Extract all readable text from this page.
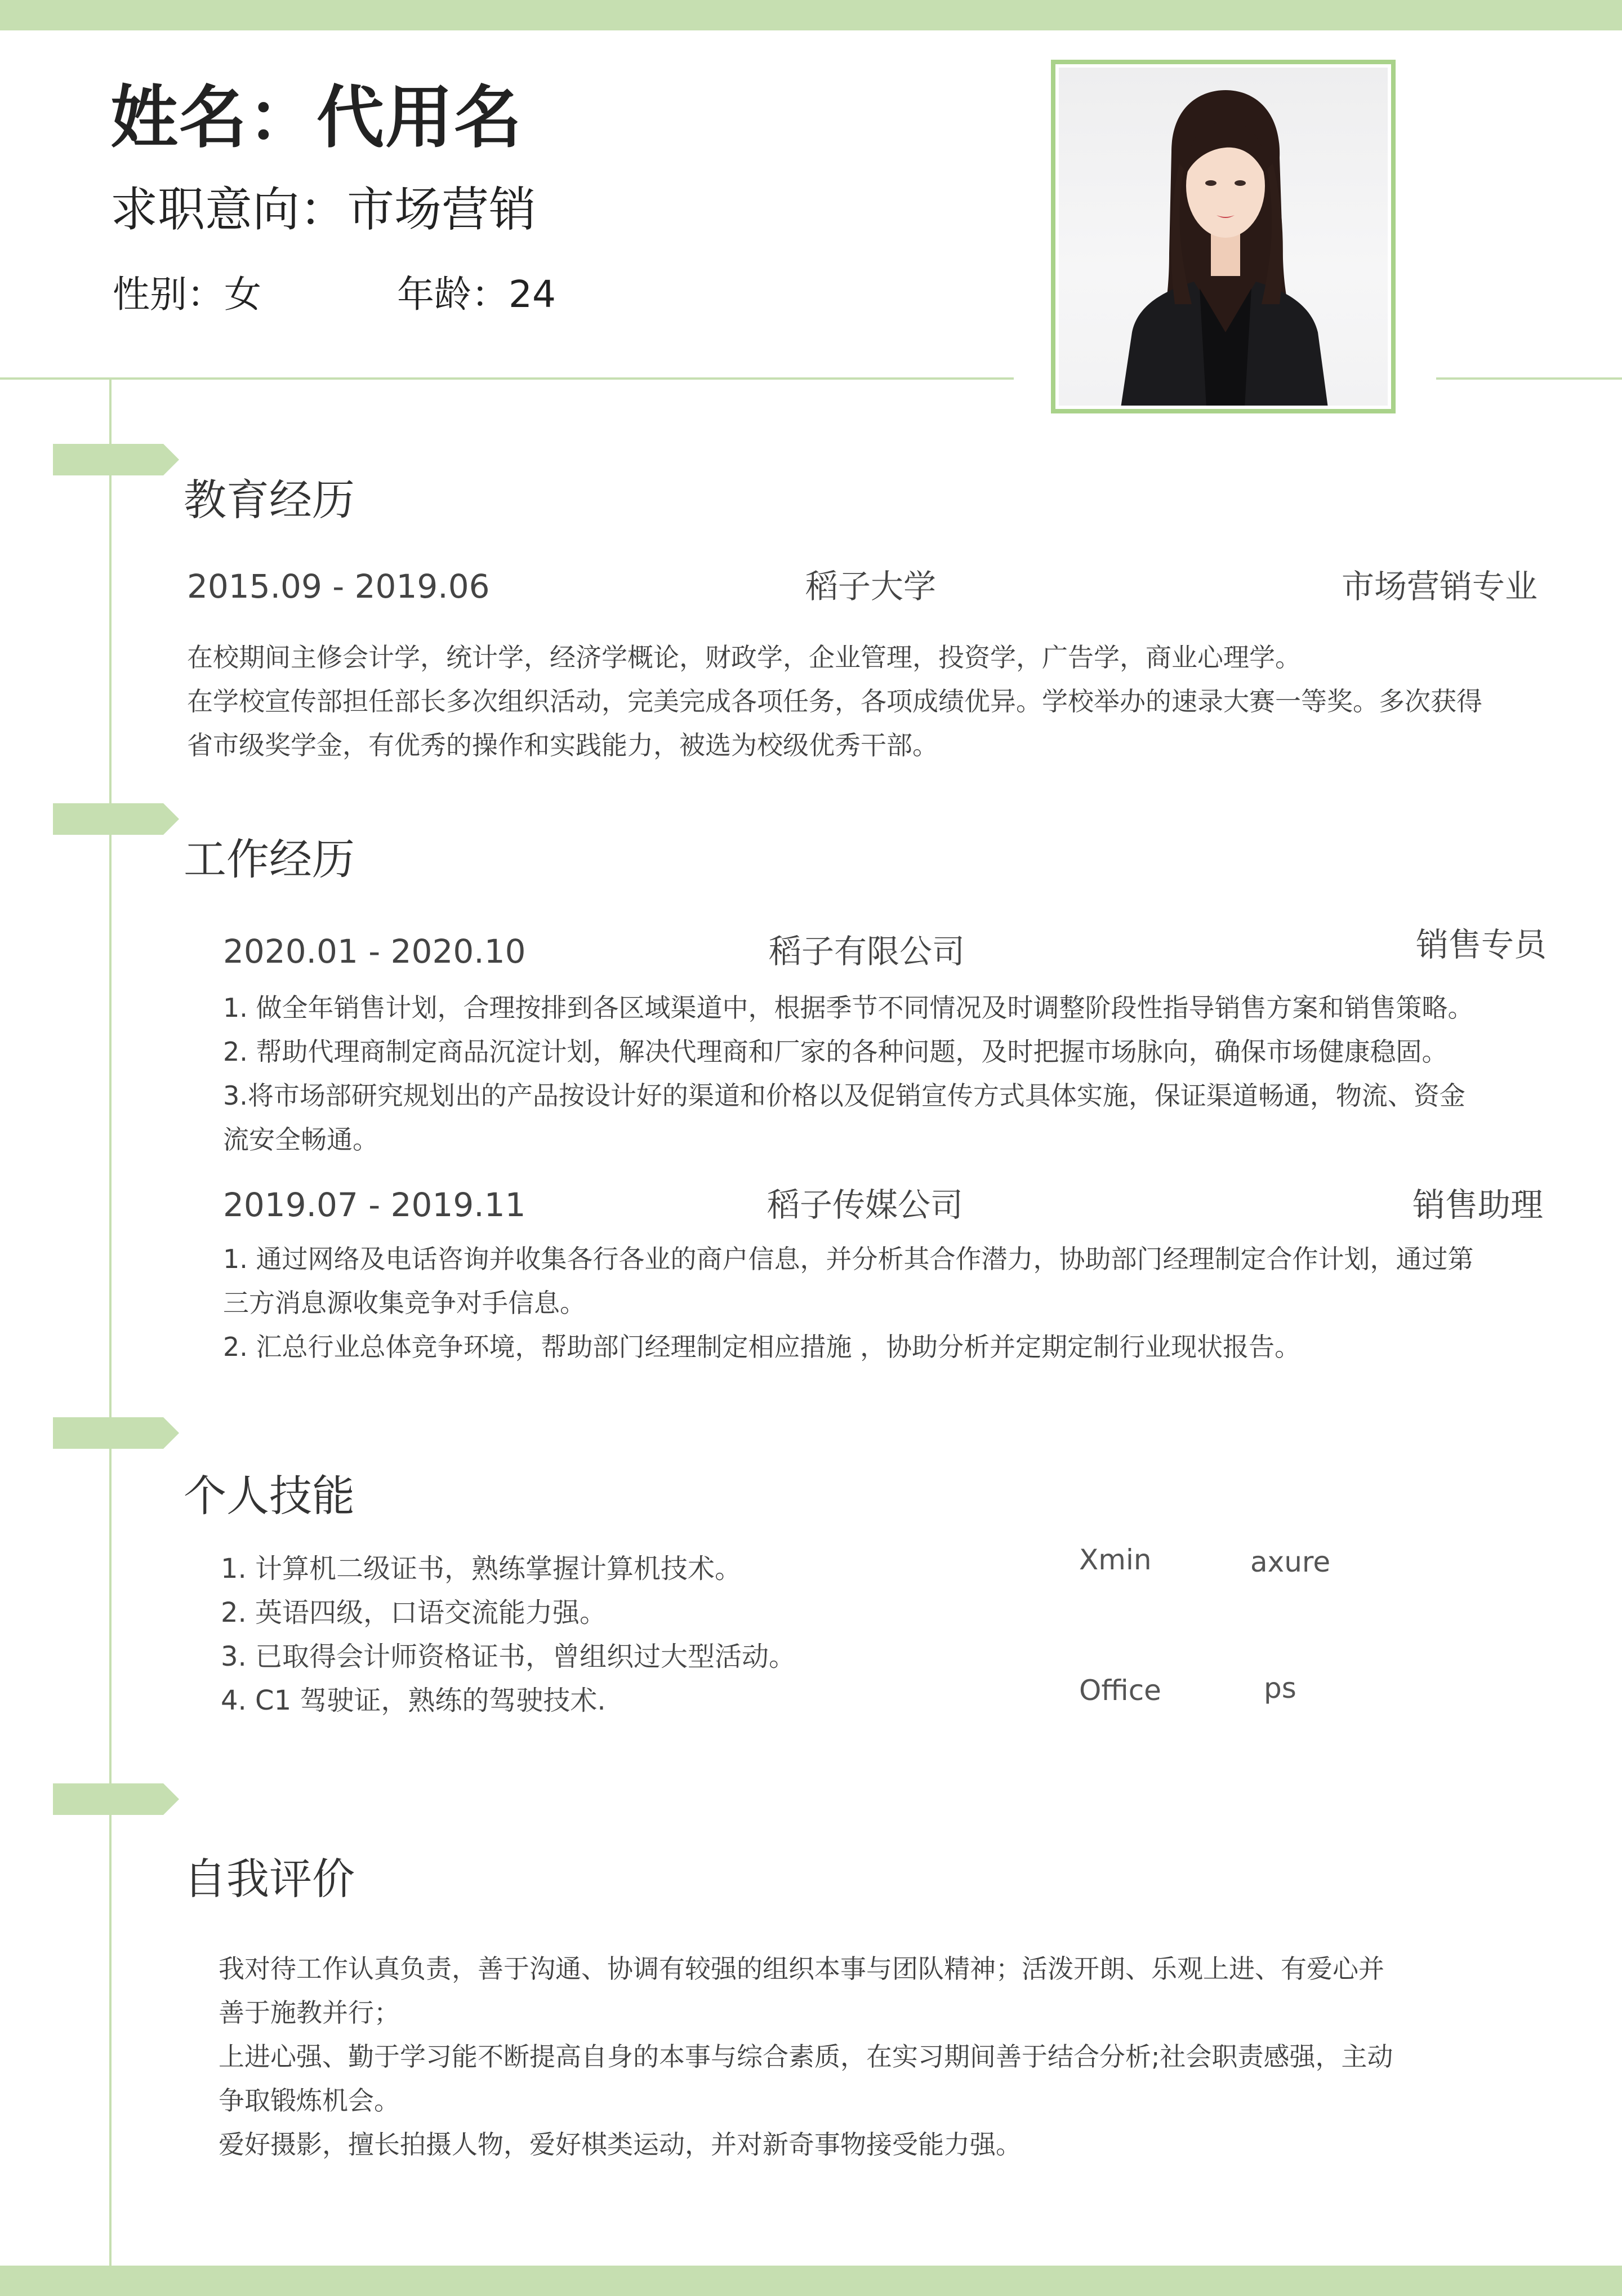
姓名：代用名
求职意向：市场营销
性别：女	年龄：24
教育经历
2015.09 - 2019.06	稻子大学	市场营销专业
在校期间主修会计学，统计学，经济学概论，财政学，企业管理，投资学，广告学，商业心理学。
在学校宣传部担任部长多次组织活动，完美完成各项任务，各项成绩优异。学校举办的速录大赛一等奖。多次获得
省市级奖学金，有优秀的操作和实践能力，被选为校级优秀干部。
工作经历
2020.01 - 2020.10	稻子有限公司	销售专员
1. 做全年销售计划，合理按排到各区域渠道中，根据季节不同情况及时调整阶段性指导销售方案和销售策略。
2. 帮助代理商制定商品沉淀计划，解决代理商和厂家的各种问题，及时把握市场脉向，确保市场健康稳固。
3.将市场部研究规划出的产品按设计好的渠道和价格以及促销宣传方式具体实施，保证渠道畅通，物流、资金
流安全畅通。
2019.07 - 2019.11	稻子传媒公司	销售助理
1. 通过网络及电话咨询并收集各行各业的商户信息，并分析其合作潜力，协助部门经理制定合作计划，通过第
三方消息源收集竞争对手信息。
2. 汇总行业总体竞争环境，帮助部门经理制定相应措施 ，协助分析并定期定制行业现状报告。
个人技能
1. 计算机二级证书，熟练掌握计算机技术。
2. 英语四级，口语交流能力强。
3. 已取得会计师资格证书，曾组织过大型活动。
4. C1 驾驶证，熟练的驾驶技术.
Xmin	axure
Office	ps
自我评价
我对待工作认真负责，善于沟通、协调有较强的组织本事与团队精神；活泼开朗、乐观上进、有爱心并
善于施教并行；
上进心强、勤于学习能不断提高自身的本事与综合素质，在实习期间善于结合分析;社会职责感强，主动
争取锻炼机会。
爱好摄影，擅长拍摄人物，爱好棋类运动，并对新奇事物接受能力强。
